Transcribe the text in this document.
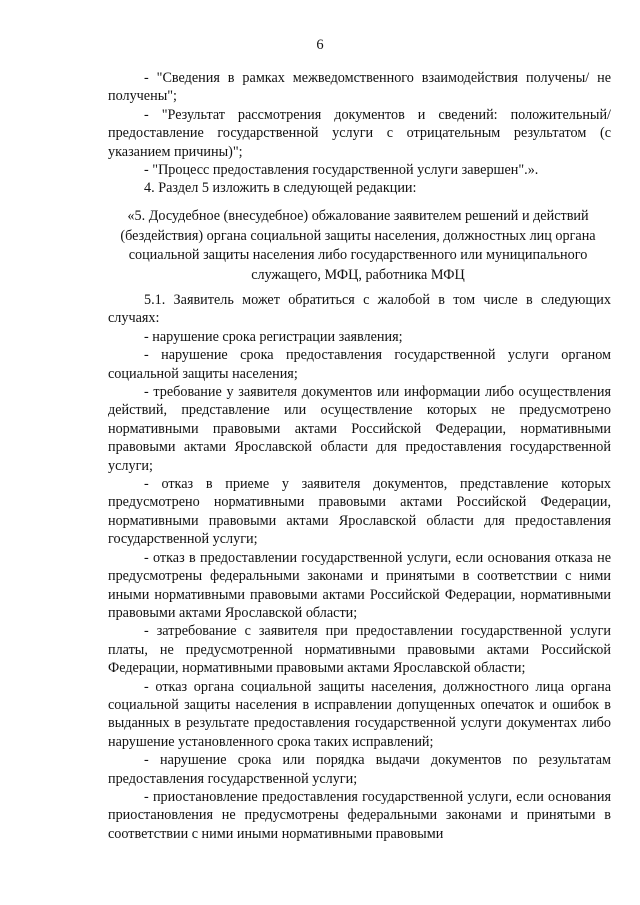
6

- "Сведения в рамках межведомственного взаимодействия получены/ не получены";

- "Результат рассмотрения документов и сведений: положительный/ предоставление государственной услуги с отрицательным результатом (с указанием причины)";

- "Процесс предоставления государственной услуги завершен".».

4. Раздел 5 изложить в следующей редакции:

«5. Досудебное (внесудебное) обжалование заявителем решений и действий (бездействия) органа социальной защиты населения, должностных лиц органа социальной защиты населения либо государственного или муниципального служащего, МФЦ, работника МФЦ

5.1. Заявитель может обратиться с жалобой в том числе в следующих случаях:

- нарушение срока регистрации заявления;

- нарушение срока предоставления государственной услуги органом социальной защиты населения;

- требование у заявителя документов или информации либо осуществления действий, представление или осуществление которых не предусмотрено нормативными правовыми актами Российской Федерации, нормативными правовыми актами Ярославской области для предоставления государственной услуги;

- отказ в приеме у заявителя документов, представление которых предусмотрено нормативными правовыми актами Российской Федерации, нормативными правовыми актами Ярославской области для предоставления государственной услуги;

- отказ в предоставлении государственной услуги, если основания отказа не предусмотрены федеральными законами и принятыми в соответствии с ними иными нормативными правовыми актами Российской Федерации, нормативными правовыми актами Ярославской области;

- затребование с заявителя при предоставлении государственной услуги платы, не предусмотренной нормативными правовыми актами Российской Федерации, нормативными правовыми актами Ярославской области;

- отказ органа социальной защиты населения, должностного лица органа социальной защиты населения в исправлении допущенных опечаток и ошибок в выданных в результате предоставления государственной услуги документах либо нарушение установленного срока таких исправлений;

- нарушение срока или порядка выдачи документов по результатам предоставления государственной услуги;

- приостановление предоставления государственной услуги, если основания приостановления не предусмотрены федеральными законами и принятыми в соответствии с ними иными нормативными правовыми
